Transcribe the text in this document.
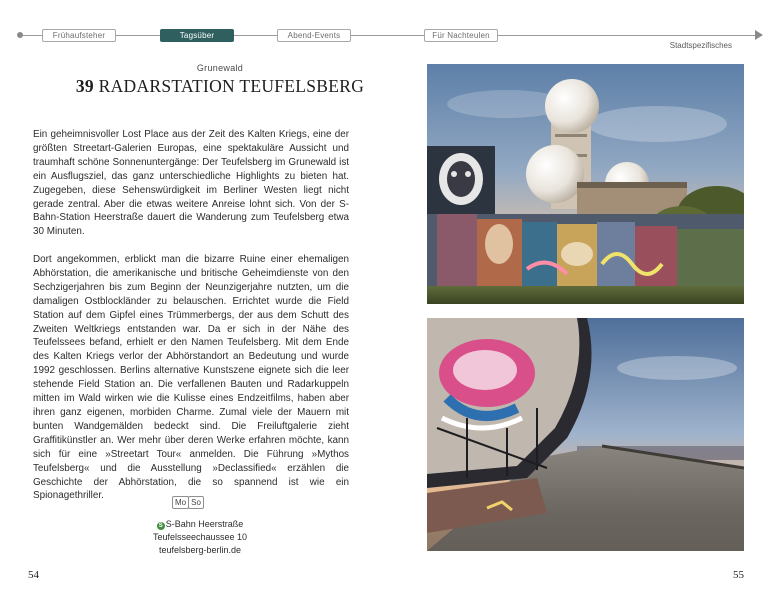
Frühaufsteher	Tagsüber	Abend-Events	Für Nachteulen
Stadtspezifisches
Grunewald
39 RADARSTATION TEUFELSBERG

Ein geheimnisvoller Lost Place aus der Zeit des Kalten Kriegs, eine der größten Streetart-Galerien Europas, eine spektakuläre Aussicht und traumhaft schöne Sonnenuntergänge: Der Teufelsberg im Grunewald ist ein Ausflugsziel, das ganz unterschiedliche Highlights zu bieten hat. Zugegeben, diese Sehenswürdigkeit im Berliner Westen liegt nicht gerade zentral. Aber die etwas weitere Anreise lohnt sich. Von der S-Bahn-Station Heerstraße dauert die Wanderung zum Teufelsberg etwa 30 Minuten.

Dort angekommen, erblickt man die bizarre Ruine einer ehemaligen Abhörstation, die amerikanische und britische Geheimdienste von den Sechzigerjahren bis zum Beginn der Neunzigerjahre nutzten, um die damaligen Ostblockländer zu belauschen. Errichtet wurde die Field Station auf dem Gipfel eines Trümmerbergs, der aus dem Schutt des Zweiten Weltkriegs entstanden war. Da er sich in der Nähe des Teufelssees befand, erhielt er den Namen Teufelsberg. Mit dem Ende des Kalten Kriegs verlor der Abhörstandort an Bedeutung und wurde 1992 geschlossen. Berlins alternative Kunstszene eignete sich die leer stehende Field Station an. Die verfallenen Bauten und Radarkuppeln mitten im Wald wirken wie die Kulisse eines Endzeitfilms, haben aber ihren ganz eigenen, morbiden Charme. Zumal viele der Mauern mit bunten Wandgemälden bedeckt sind. Die Freiluftgalerie zieht Graffitikünstler an. Wer mehr über deren Werke erfahren möchte, kann sich für eine »Streetart Tour« anmelden. Die Führung »Mythos Teufelsberg« und die Ausstellung »Declassified« erzählen die Geschichte der Abhörstation, die so spannend ist wie ein Spionagethriller.

Mo So
S S-Bahn Heerstraße
Teufelsseechaussee 10
teufelsberg-berlin.de
54	55
